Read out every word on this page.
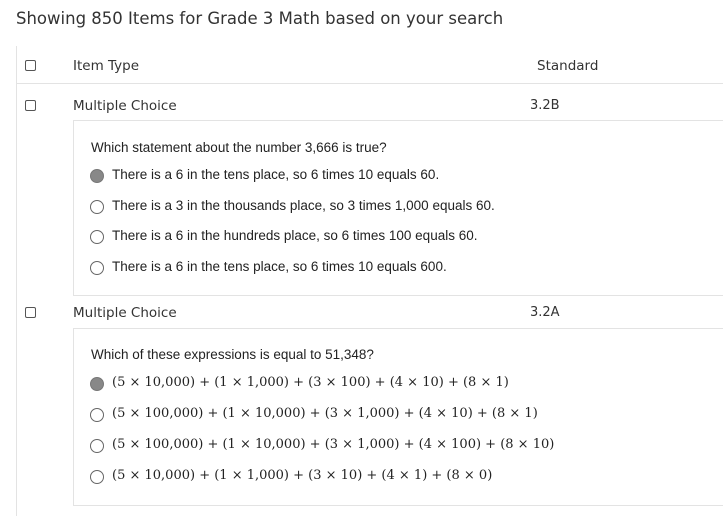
Showing 850 Items for Grade 3 Math based on your search
Item Type	Standard
Multiple Choice	3.2B
Which statement about the number 3,666 is true?
There is a 6 in the tens place, so 6 times 10 equals 60.
There is a 3 in the thousands place, so 3 times 1,000 equals 60.
There is a 6 in the hundreds place, so 6 times 100 equals 60.
There is a 6 in the tens place, so 6 times 10 equals 600.
Multiple Choice	3.2A
Which of these expressions is equal to 51,348?
(5 × 10,000) + (1 × 1,000) + (3 × 100) + (4 × 10) + (8 × 1)
(5 × 100,000) + (1 × 10,000) + (3 × 1,000) + (4 × 10) + (8 × 1)
(5 × 100,000) + (1 × 10,000) + (3 × 1,000) + (4 × 100) + (8 × 10)
(5 × 10,000) + (1 × 1,000) + (3 × 10) + (4 × 1) + (8 × 0)
